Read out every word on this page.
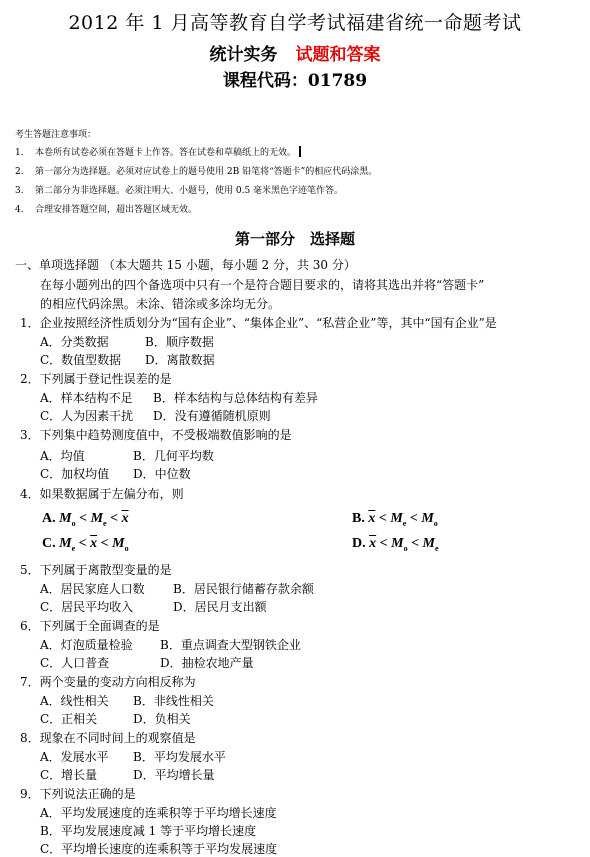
2012 年 1 月高等教育自学考试福建省统一命题考试
统计实务 试题和答案
课程代码：01789
考生答题注意事项：
1. 本卷所有试卷必须在答题卡上作答。答在试卷和草稿纸上的无效。
2. 第一部分为选择题。必须对应试卷上的题号使用 2B 铅笔将“答题卡”的相应代码涂黑。
3. 第二部分为非选择题。必须注明大、小题号，使用 0.5 毫米黑色字迹笔作答。
4. 合理安排答题空间，超出答题区域无效。
第一部分　选择题
一、单项选择题 （本大题共 15 小题，每小题 2 分，共 30 分）
在每小题列出的四个备选项中只有一个是符合题目要求的，请将其选出并将“答题卡”
的相应代码涂黑。未涂、错涂或多涂均无分。
1．企业按照经济性质划分为“国有企业”、“集体企业”、“私营企业”等，其中“国有企业”是
A．分类数据	B．顺序数据
C．数值型数据 D．离散数据
2．下列属于登记性误差的是
A．样本结构不足 B．样本结构与总体结构有差异
C．人为因素干扰 D．没有遵循随机原则
3．下列集中趋势测度值中，不受极端数值影响的是
A．均值	B．几何平均数
C．加权均值 D．中位数
4．如果数据属于左偏分布，则
A. $M_o < M_e < \overline{x}$	B. $\overline{x} < M_e < M_o$
C. $M_e < \overline{x} < M_o$	D. $\overline{x} < M_o < M_e$
5．下列属于离散型变量的是
A．居民家庭人口数 B．居民银行储蓄存款余额
C．居民平均收入	D．居民月支出额
6．下列属于全面调查的是
A．灯泡质量检验 B．重点调查大型钢铁企业
C．人口普查	D．抽检农地产量
7．两个变量的变动方向相反称为
A．线性相关 B．非线性相关
C．正相关	D．负相关
8．现象在不同时间上的观察值是
A．发展水平 B．平均发展水平
C．增长量	D．平均增长量
9．下列说法正确的是
A．平均发展速度的连乘积等于平均增长速度
B．平均发展速度减 1 等于平均增长速度
C．平均增长速度的连乘积等于平均发展速度
